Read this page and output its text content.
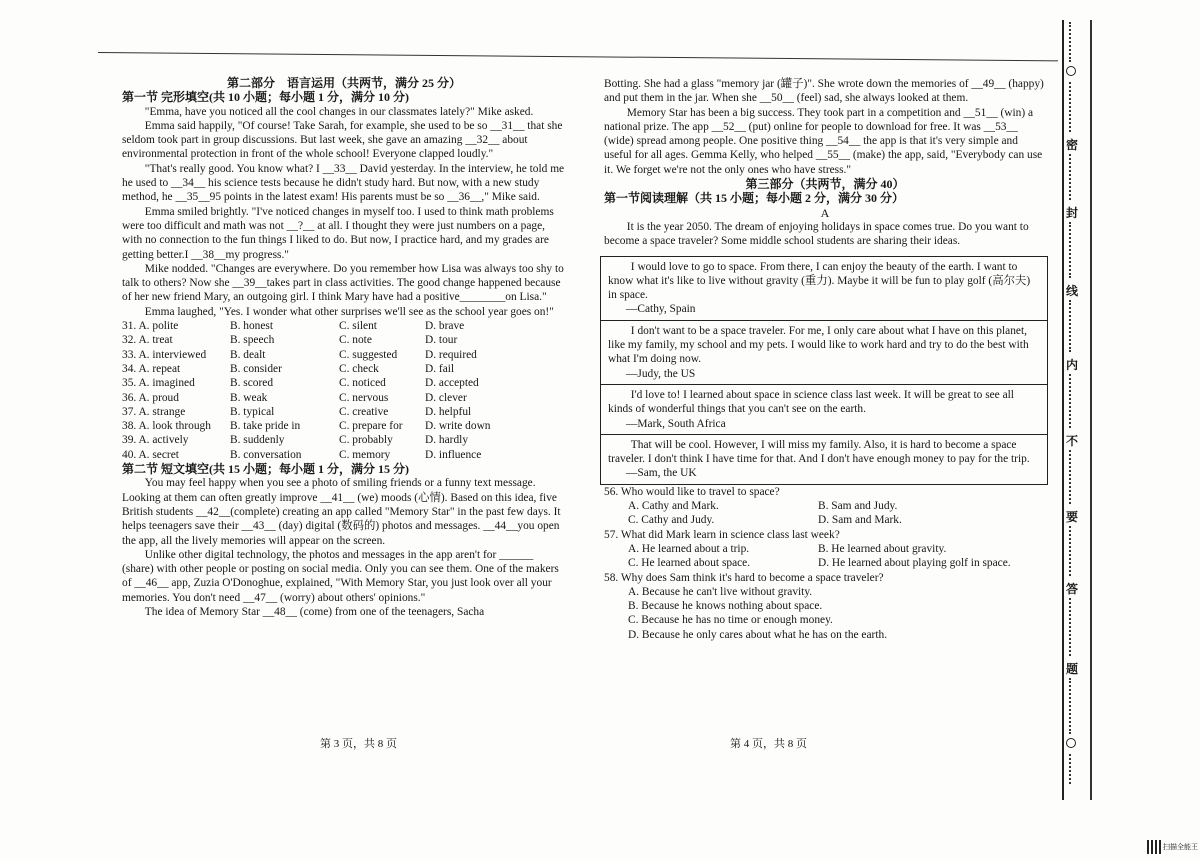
第二部分　语言运用（共两节，满分 25 分）
第一节 完形填空(共 10 小题；每小题 1 分，满分 10 分)

"Emma, have you noticed all the cool changes in our classmates lately?" Mike asked.

Emma said happily, "Of course! Take Sarah, for example, she used to be so __31__ that she seldom took part in group discussions. But last week, she gave an amazing __32__ about environmental protection in front of the whole school! Everyone clapped loudly."

"That's really good. You know what? I __33__ David yesterday. In the interview, he told me he used to __34__ his science tests because he didn't study hard. But now, with a new study method, he __35__95 points in the latest exam! His parents must be so __36__," Mike said.

Emma smiled brightly. "I've noticed changes in myself too. I used to think math problems were too difficult and math was not __?__ at all. I thought they were just numbers on a page, with no connection to the fun things I liked to do. But now, I practice hard, and my grades are getting better.I __38__my progress."

Mike nodded. "Changes are everywhere. Do you remember how Lisa was always too shy to talk to others? Now she __39__takes part in class activities. The good change happened because of her new friend Mary, an outgoing girl. I think Mary have had a positive________on Lisa."

Emma laughed, "Yes. I wonder what other surprises we'll see as the school year goes on!"

31. A. polite	B. honest	C. silent	D. brave
32. A. treat	B. speech	C. note	D. tour
33. A. interviewed	B. dealt	C. suggested	D. required
34. A. repeat	B. consider	C. check	D. fail
35. A. imagined	B. scored	C. noticed	D. accepted
36. A. proud	B. weak	C. nervous	D. clever
37. A. strange	B. typical	C. creative	D. helpful
38. A. look through	B. take pride in	C. prepare for	D. write down
39. A. actively	B. suddenly	C. probably	D. hardly
40. A. secret	B. conversation	C. memory	D. influence
第二节 短文填空(共 15 小题；每小题 1 分，满分 15 分)

You may feel happy when you see a photo of smiling friends or a funny text message. Looking at them can often greatly improve __41__ (we) moods (心情). Based on this idea, five British students __42__(complete) creating an app called "Memory Star" in the past few days. It helps teenagers save their __43__ (day) digital (数码的) photos and messages. __44__you open the app, all the lively memories will appear on the screen.

Unlike other digital technology, the photos and messages in the app aren't for ______ (share) with other people or posting on social media. Only you can see them. One of the makers of __46__ app, Zuzia O'Donoghue, explained, "With Memory Star, you just look over all your memories. You don't need __47__ (worry) about others' opinions."

The idea of Memory Star __48__ (come) from one of the teenagers, Sacha

第 3 页，共 8 页

Botting. She had a glass "memory jar (罐子)". She wrote down the memories of __49__ (happy) and put them in the jar. When she __50__ (feel) sad, she always looked at them.

Memory Star has been a big success. They took part in a competition and __51__ (win) a national prize. The app __52__ (put) online for people to download for free. It was __53__ (wide) spread among people. One positive thing __54__ the app is that it's very simple and useful for all ages. Gemma Kelly, who helped __55__ (make) the app, said, "Everybody can use it. We forget we're not the only ones who have stress."

第三部分（共两节，满分 40）
第一节阅读理解（共 15 小题；每小题 2 分，满分 30 分）
A

It is the year 2050. The dream of enjoying holidays in space comes true. Do you want to become a space traveler? Some middle school students are sharing their ideas.

I would love to go to space. From there, I can enjoy the beauty of the earth. I want to know what it's like to live without gravity (重力). Maybe it will be fun to play golf (高尔夫) in space.

—Cathy, Spain

I don't want to be a space traveler. For me, I only care about what I have on this planet, like my family, my school and my pets. I would like to work hard and try to do the best with what I'm doing now.

—Judy, the US

I'd love to! I learned about space in science class last week. It will be great to see all kinds of wonderful things that you can't see on the earth.

—Mark, South Africa

That will be cool. However, I will miss my family. Also, it is hard to become a space traveler. I don't think I have time for that. And I don't have enough money to pay for the trip.

—Sam, the UK
56. Who would like to travel to space?
A. Cathy and Mark.	B. Sam and Judy.
C. Cathy and Judy.	D. Sam and Mark.
57. What did Mark learn in science class last week?
A. He learned about a trip.	B. He learned about gravity.
C. He learned about space.	D. He learned about playing golf in space.
58. Why does Sam think it's hard to become a space traveler?
A. Because he can't live without gravity.
B. Because he knows nothing about space.
C. Because he has no time or enough money.
D. Because he only cares about what he has on the earth.
第 4 页，共 8 页
密
封
线
内
不
要
答
题
扫描全能王
